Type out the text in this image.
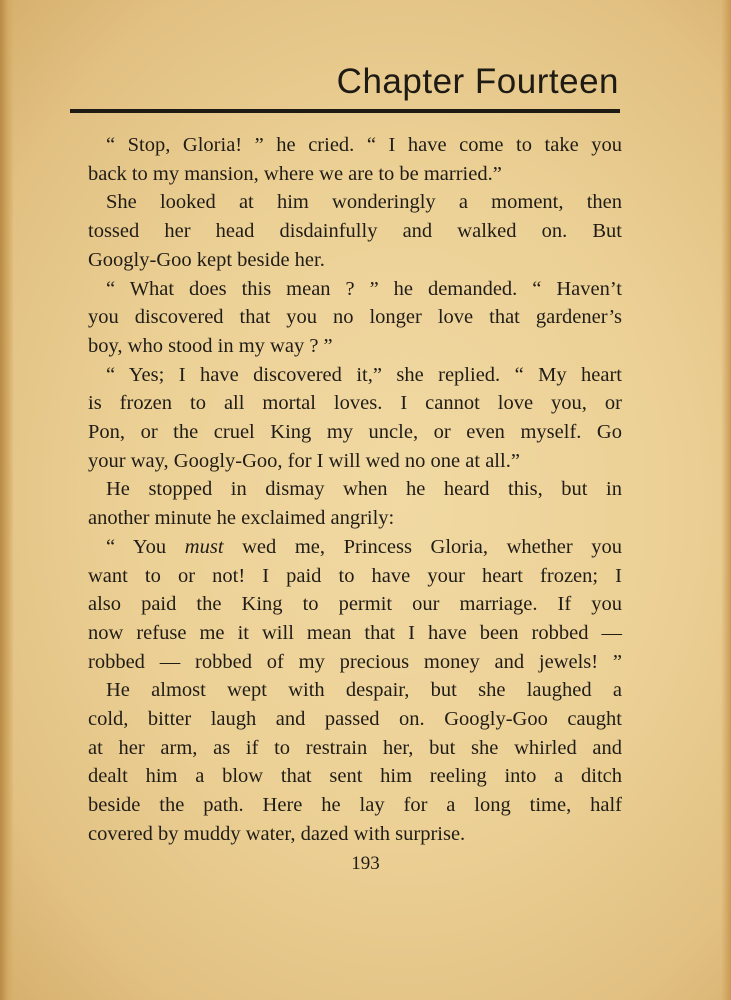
Chapter Fourteen

“ Stop, Gloria! ” he cried. “ I have come to take you
back to my mansion, where we are to be married.”

She looked at him wonderingly a moment, then
tossed her head disdainfully and walked on. But
Googly-Goo kept beside her.

“ What does this mean ? ” he demanded. “ Haven’t
you discovered that you no longer love that gardener’s
boy, who stood in my way ? ”

“ Yes; I have discovered it,” she replied. “ My heart
is frozen to all mortal loves. I cannot love you, or
Pon, or the cruel King my uncle, or even myself. Go
your way, Googly-Goo, for I will wed no one at all.”

He stopped in dismay when he heard this, but in
another minute he exclaimed angrily:

“ You must wed me, Princess Gloria, whether you
want to or not! I paid to have your heart frozen; I
also paid the King to permit our marriage. If you
now refuse me it will mean that I have been robbed —
robbed — robbed of my precious money and jewels! ”

He almost wept with despair, but she laughed a
cold, bitter laugh and passed on. Googly-Goo caught
at her arm, as if to restrain her, but she whirled and
dealt him a blow that sent him reeling into a ditch
beside the path. Here he lay for a long time, half
covered by muddy water, dazed with surprise.

193
